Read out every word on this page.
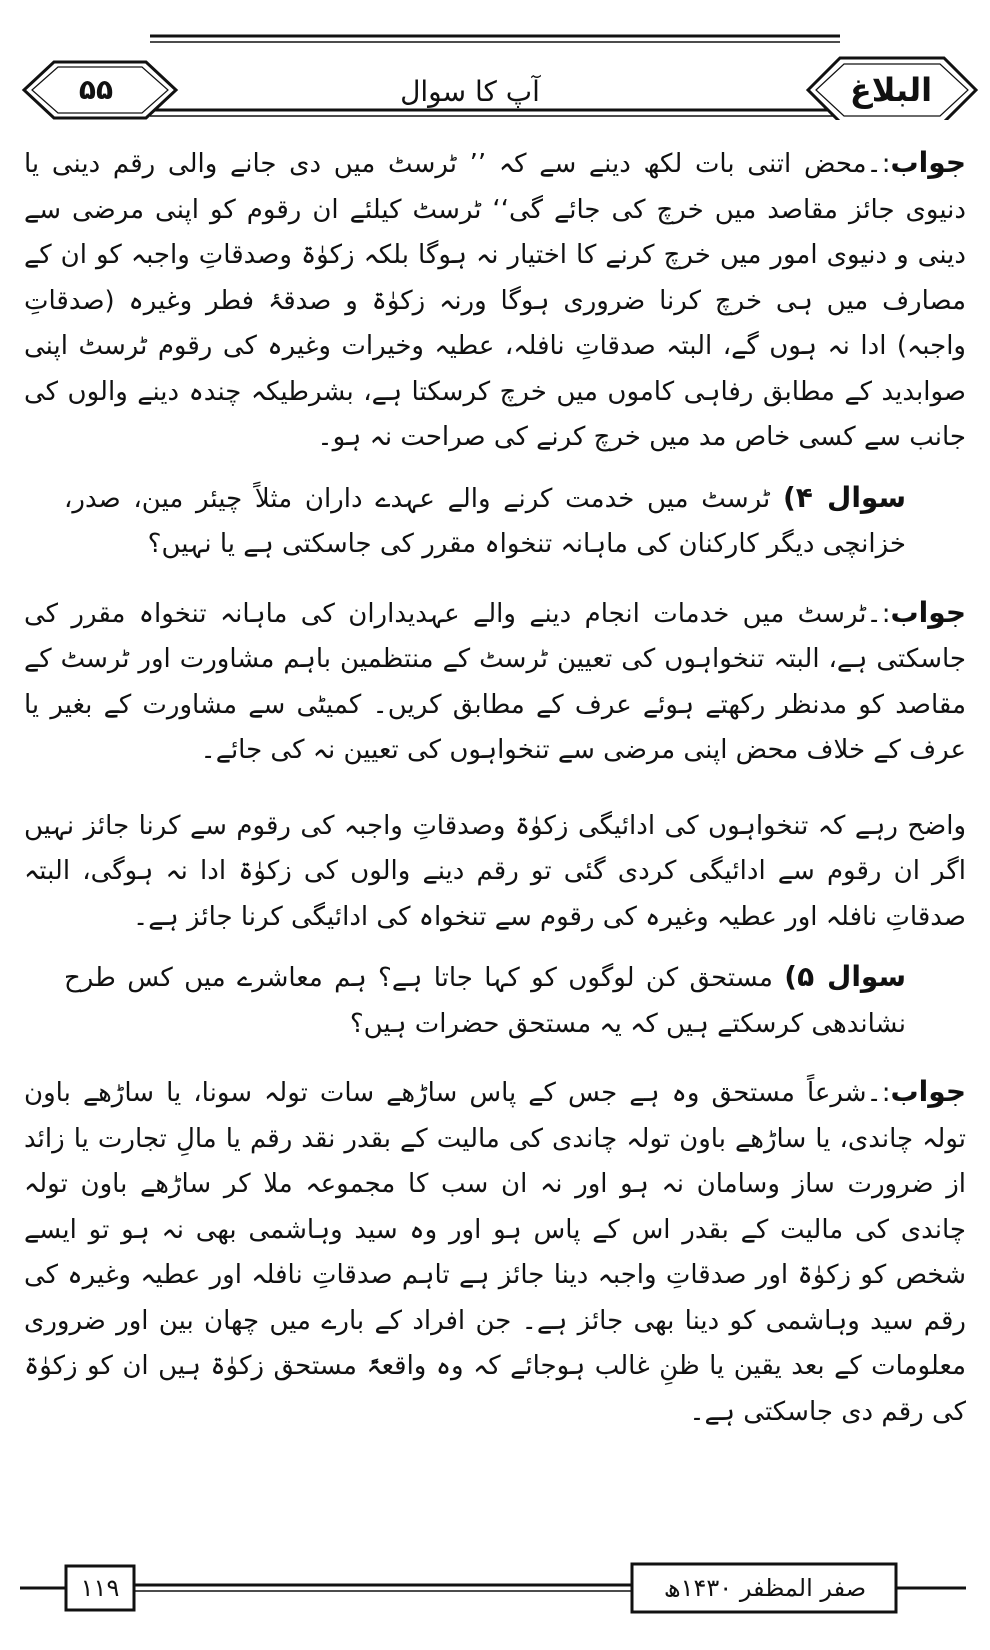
۵۵	آپ کا سوال	البلاغ

جواب:۔محض اتنی بات لکھ دینے سے کہ ’’ ٹرسٹ میں دی جانے والی رقم دینی یا دنیوی جائز مقاصد میں خرچ کی جائے گی‘‘ ٹرسٹ کیلئے ان رقوم کو اپنی مرضی سے دینی و دنیوی امور میں خرچ کرنے کا اختیار نہ ہوگا بلکہ زکوٰۃ وصدقاتِ واجبہ کو ان کے مصارف میں ہی خرچ کرنا ضروری ہوگا ورنہ زکوٰۃ و صدقۂ فطر وغیرہ (صدقاتِ واجبہ) ادا نہ ہوں گے، البتہ صدقاتِ نافلہ، عطیہ وخیرات وغیرہ کی رقوم ٹرسٹ اپنی صوابدید کے مطابق رفاہی کاموں میں خرچ کرسکتا ہے، بشرطیکہ چندہ دینے والوں کی جانب سے کسی خاص مد میں خرچ کرنے کی صراحت نہ ہو۔

سوال ۴) ٹرسٹ میں خدمت کرنے والے عہدے داران مثلاً چیئر مین، صدر، خزانچی دیگر کارکنان کی ماہانہ تنخواہ مقرر کی جاسکتی ہے یا نہیں؟

جواب:۔ٹرسٹ میں خدمات انجام دینے والے عہدیداران کی ماہانہ تنخواہ مقرر کی جاسکتی ہے، البتہ تنخواہوں کی تعیین ٹرسٹ کے منتظمین باہم مشاورت اور ٹرسٹ کے مقاصد کو مدنظر رکھتے ہوئے عرف کے مطابق کریں۔ کمیٹی سے مشاورت کے بغیر یا عرف کے خلاف محض اپنی مرضی سے تنخواہوں کی تعیین نہ کی جائے۔

واضح رہے کہ تنخواہوں کی ادائیگی زکوٰۃ وصدقاتِ واجبہ کی رقوم سے کرنا جائز نہیں اگر ان رقوم سے ادائیگی کردی گئی تو رقم دینے والوں کی زکوٰۃ ادا نہ ہوگی، البتہ صدقاتِ نافلہ اور عطیہ وغیرہ کی رقوم سے تنخواہ کی ادائیگی کرنا جائز ہے۔

سوال ۵) مستحق کن لوگوں کو کہا جاتا ہے؟ ہم معاشرے میں کس طرح نشاندھی کرسکتے ہیں کہ یہ مستحق حضرات ہیں؟

جواب:۔شرعاً مستحق وہ ہے جس کے پاس ساڑھے سات تولہ سونا، یا ساڑھے باون تولہ چاندی، یا ساڑھے باون تولہ چاندی کی مالیت کے بقدر نقد رقم یا مالِ تجارت یا زائد از ضرورت ساز وسامان نہ ہو اور نہ ان سب کا مجموعہ ملا کر ساڑھے باون تولہ چاندی کی مالیت کے بقدر اس کے پاس ہو اور وہ سید وہاشمی بھی نہ ہو تو ایسے شخص کو زکوٰۃ اور صدقاتِ واجبہ دینا جائز ہے تاہم صدقاتِ نافلہ اور عطیہ وغیرہ کی رقم سید وہاشمی کو دینا بھی جائز ہے۔ جن افراد کے بارے میں چھان بین اور ضروری معلومات کے بعد یقین یا ظنِ غالب ہوجائے کہ وہ واقعۃً مستحق زکوٰۃ ہیں ان کو زکوٰۃ کی رقم دی جاسکتی ہے۔

۱۱۹	صفر المظفر ۱۴۳۰ھ
